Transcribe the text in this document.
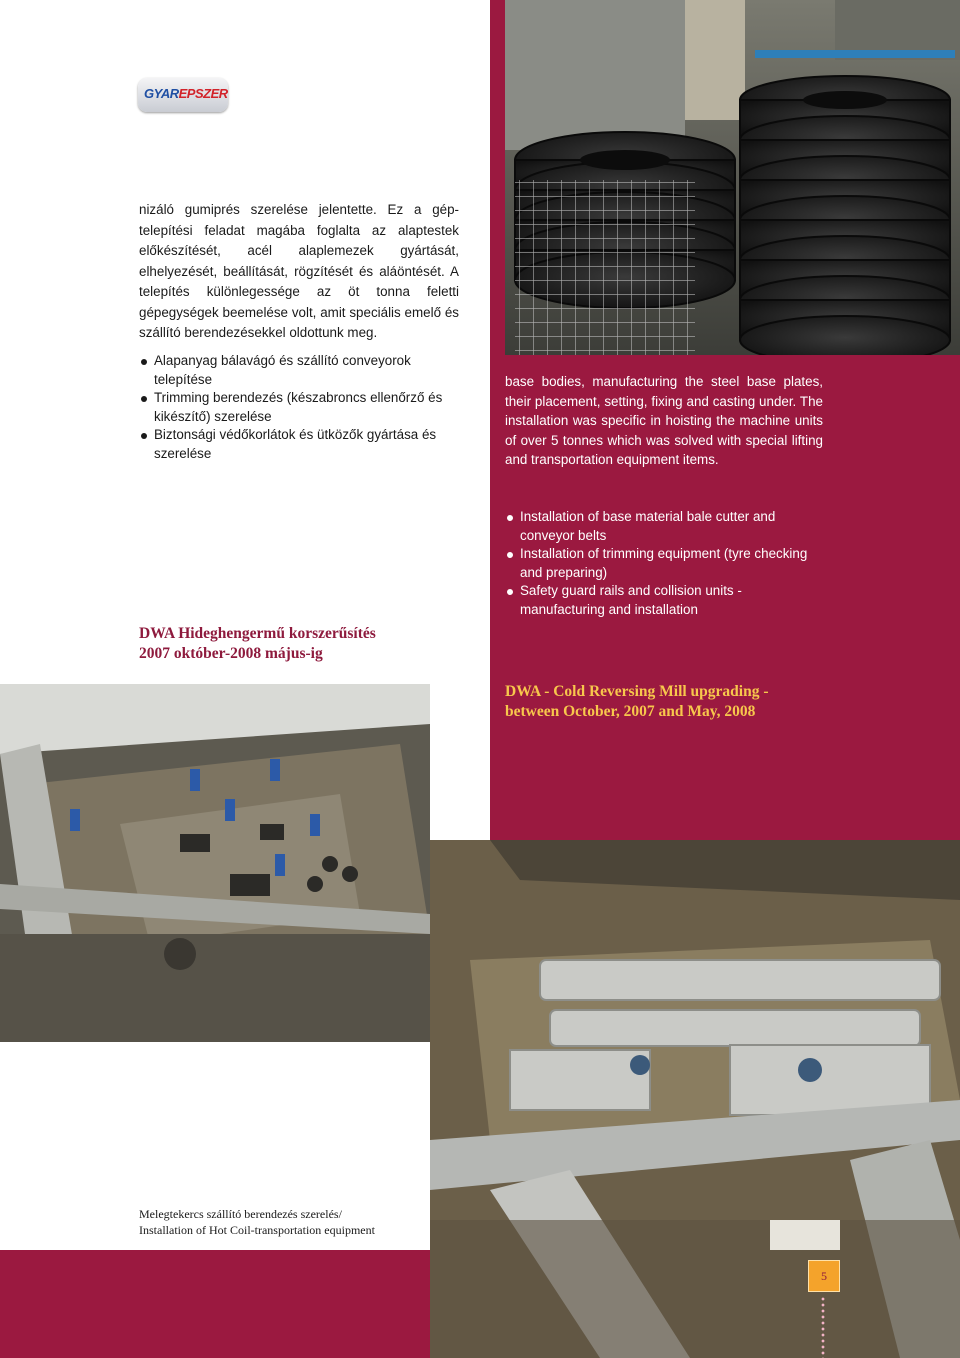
GYAREPSZER
nizáló gumiprés szerelése jelentette. Ez a gép-telepítési feladat magába foglalta az alaptestek előkészítését, acél alaplemezek gyártását, elhelyezését, beállítását, rögzítését és aláöntését. A telepítés különlegessége az öt tonna feletti gépegységek beemelése volt, amit speciális emelő és szállító berendezésekkel oldottunk meg.
Alapanyag bálavágó és szállító conveyorok telepítése
Trimming berendezés (készabroncs ellenőrző és kikészítő) szerelése
Biztonsági védőkorlátok és ütközők gyártása és szerelése
DWA Hideghengermű korszerűsítés
2007 október-2008 május-ig
base bodies, manufacturing the steel base plates, their placement, setting, fixing and casting under. The installation was specific in hoisting the machine units of over 5 tonnes which was solved with special lifting and transportation equipment items.
Installation of base material bale cutter and conveyor belts
Installation of trimming equipment (tyre checking and preparing)
Safety guard rails and collision units - manufacturing and installation
DWA - Cold Reversing Mill upgrading -
between October, 2007 and May, 2008
Melegtekercs szállító berendezés szerelés/
Installation of Hot Coil-transportation equipment
5
